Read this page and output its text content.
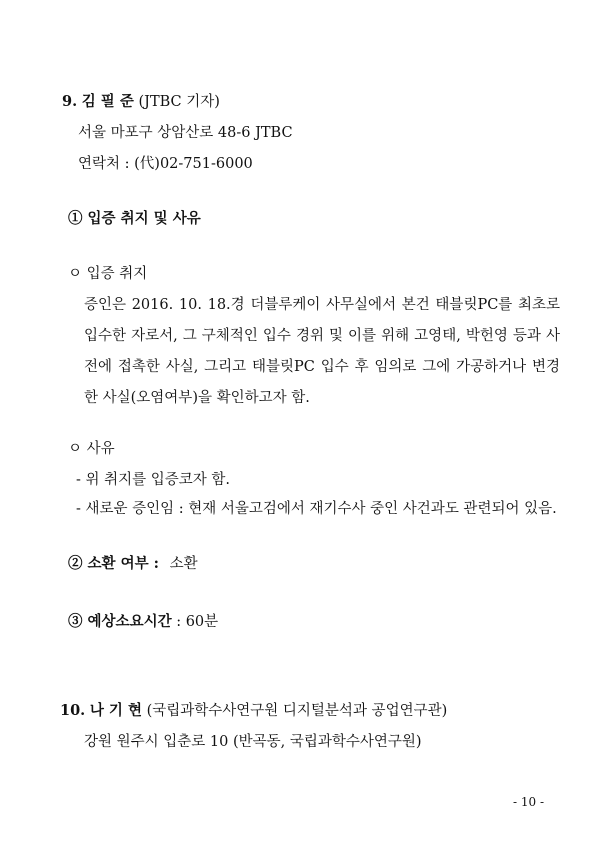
9. 김 필 준 (JTBC 기자)
서울 마포구 상암산로 48-6 JTBC
연락처 : (代)02-751-6000
① 입증 취지 및 사유
ㅇ 입증 취지
증인은 2016. 10. 18.경 더블루케이 사무실에서 본건 태블릿PC를 최초로 입수한 자로서, 그 구체적인 입수 경위 및 이를 위해 고영태, 박헌영 등과 사전에 접촉한 사실, 그리고 태블릿PC 입수 후 임의로 그에 가공하거나 변경한 사실(오염여부)을 확인하고자 함.
ㅇ 사유
- 위 취지를 입증코자 함.
- 새로운 증인임 : 현재 서울고검에서 재기수사 중인 사건과도 관련되어 있음.
② 소환 여부 : 소환
③ 예상소요시간 : 60분
10. 나 기 현 (국립과학수사연구원 디지털분석과 공업연구관)
강원 원주시 입춘로 10 (반곡동, 국립과학수사연구원)
- 10 -
